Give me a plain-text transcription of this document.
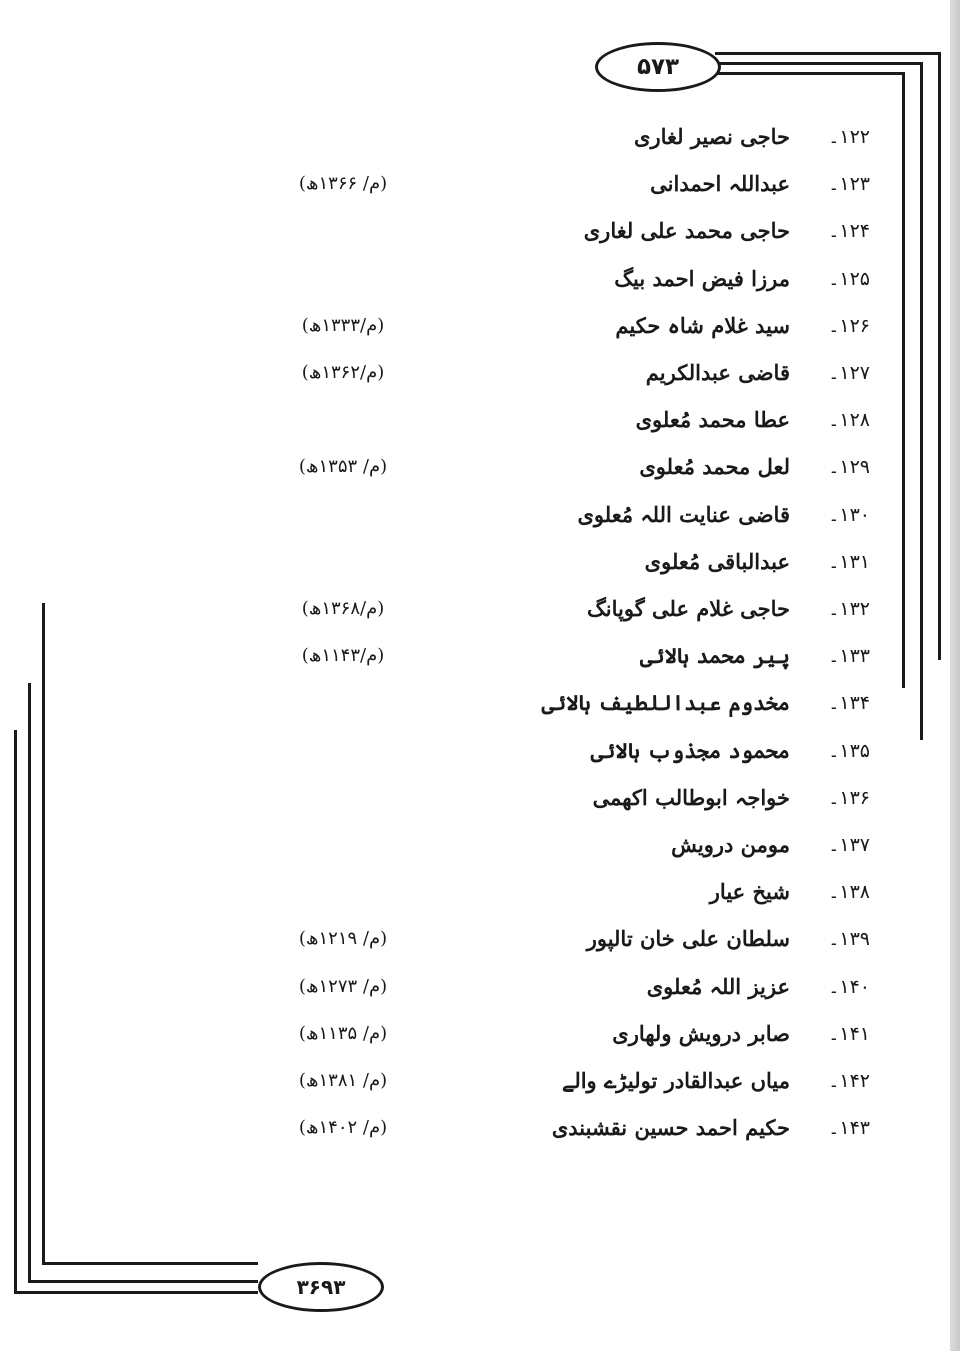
۵۷۳
۳۶۹۳
۱۲۲۔
حاجی نصیر لغاری
۱۲۳۔
عبداللہ احمدانی
(م/ ۱۳۶۶ھ)
۱۲۴۔
حاجی محمد علی لغاری
۱۲۵۔
مرزا فیض احمد بیگ
۱۲۶۔
سید غلام شاہ حکیم
(م/۱۳۳۳ھ)
۱۲۷۔
قاضی عبدالکریم
(م/۱۳۶۲ھ)
۱۲۸۔
عطا محمد مُعلوی
۱۲۹۔
لعل محمد مُعلوی
(م/ ۱۳۵۳ھ)
۱۳۰۔
قاضی عنایت اللہ مُعلوی
۱۳۱۔
عبدالباقی مُعلوی
۱۳۲۔
حاجی غلام علی گوپانگ
(م/۱۳۶۸ھ)
۱۳۳۔
پیر محمد ہالائی
(م/۱۱۴۳ھ)
۱۳۴۔
مخدوم عبداللطیف ہالائی
۱۳۵۔
محمود مجذوب ہالائی
۱۳۶۔
خواجہ ابوطالب اکھمی
۱۳۷۔
مومن درویش
۱۳۸۔
شیخ عیار
۱۳۹۔
سلطان علی خان تالپور
(م/ ۱۲۱۹ھ)
۱۴۰۔
عزیز اللہ مُعلوی
(م/ ۱۲۷۳ھ)
۱۴۱۔
صابر درویش ولھاری
(م/ ۱۱۳۵ھ)
۱۴۲۔
میاں عبدالقادر تولیڑے والے
(م/ ۱۳۸۱ھ)
۱۴۳۔
حکیم احمد حسین نقشبندی
(م/ ۱۴۰۲ھ)
